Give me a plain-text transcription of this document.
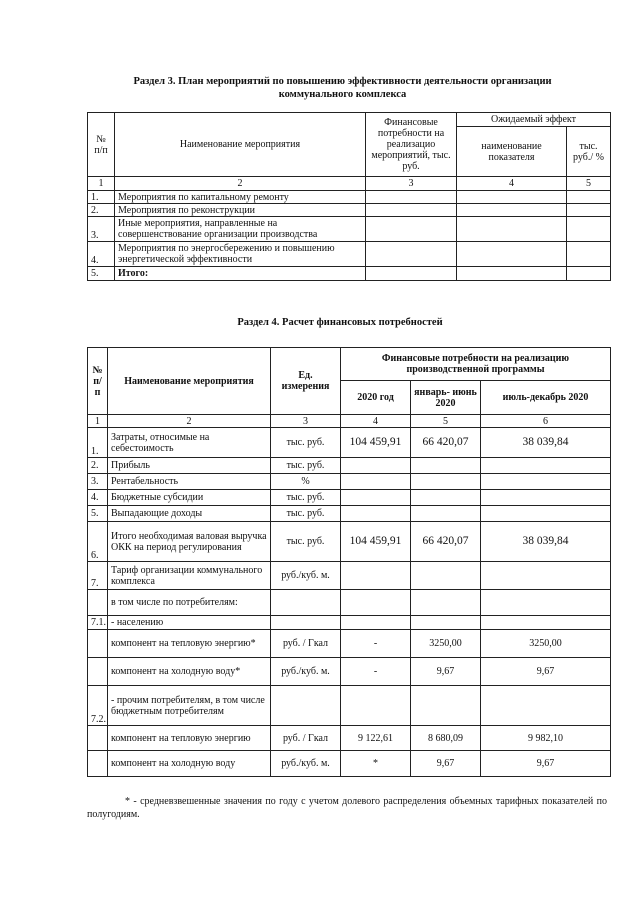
Раздел 3. План мероприятий по повышению эффективности деятельности организации коммунального комплекса
№ п/п	Наименование мероприятия	Финансовые потребности на реализацио мероприятий, тыс. руб.	Ожидаемый эффект	
			наименование показателя	тыс. руб./ %
1	2	3	4	5
1.	Мероприятия по капитальному ремонту			
2.	Мероприятия по реконструкции			
3.	Иные мероприятия, направленные на совершенствование организации производства			
4.	Мероприятия по энергосбережению и повышению энергетической эффективности			
5.	Итого:			
Раздел 4. Расчет финансовых потребностей
№ п/п	Наименование мероприятия	Ед. измерения	Финансовые потребности на реализацию производственной программы		
			2020 год	январь- июнь 2020	июль-декабрь 2020
1	2	3	4	5	6
1.	Затраты, относимые на себестоимость	тыс. руб.	104 459,91	66 420,07	38 039,84
2.	Прибыль	тыс. руб.			
3.	Рентабельность	%			
4.	Бюджетные субсидии	тыс. руб.			
5.	Выпадающие доходы	тыс. руб.			
6.	Итого необходимая валовая выручка ОКК на период регулирования	тыс. руб.	104 459,91	66 420,07	38 039,84
7.	Тариф организации коммунального комплекса	руб./куб. м.			
	в том числе по потребителям:				
7.1.	- населению				
	компонент на тепловую энергию*	руб. / Гкал	-	3250,00	3250,00
	компонент на холодную воду*	руб./куб. м.	-	9,67	9,67
7.2.	- прочим потребителям, в том числе бюджетным потребителям				
	компонент на тепловую энергию	руб. / Гкал	9 122,61	8 680,09	9 982,10
	компонент на холодную воду	руб./куб. м.	*	9,67	9,67
* - средневзвешенные значения по году с учетом долевого распределения объемных тарифных показателей по полугодиям.
